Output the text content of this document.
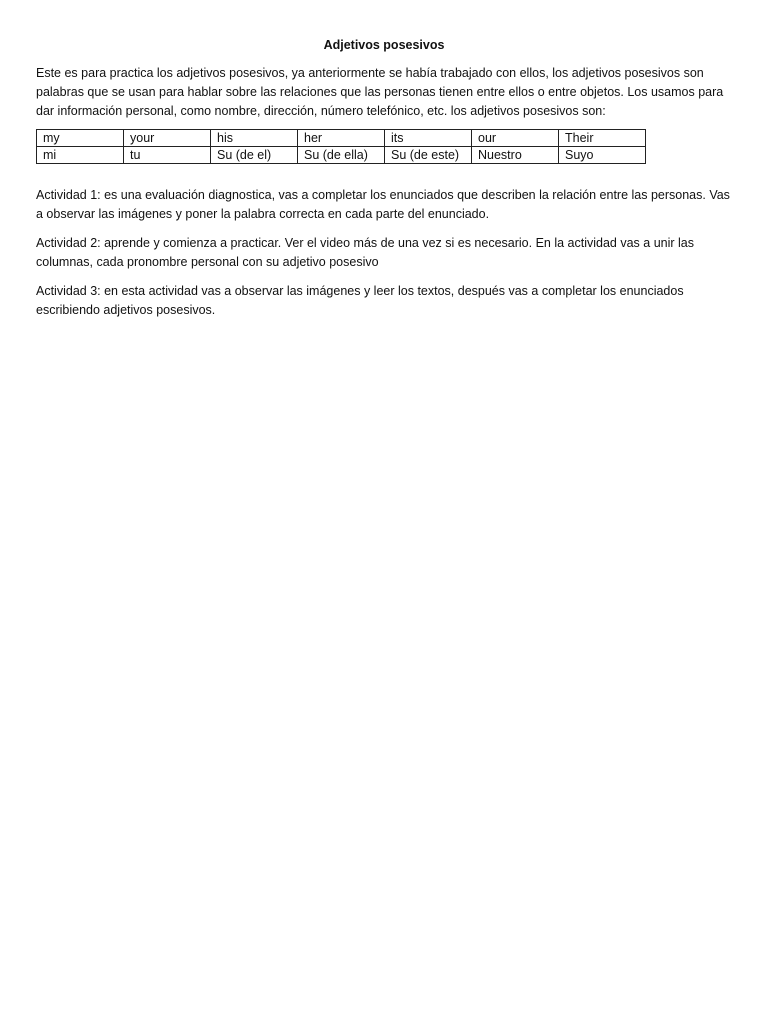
Adjetivos posesivos

Este es para practica los adjetivos posesivos, ya anteriormente se había trabajado con ellos, los adjetivos posesivos son palabras que se usan para hablar sobre las relaciones que las personas tienen entre ellos o entre objetos. Los usamos para dar información personal, como nombre, dirección, número telefónico, etc. los adjetivos posesivos son:

my	your	his	her	its	our	Their
mi	tu	Su (de el)	Su (de ella)	Su (de este)	Nuestro	Suyo

Actividad 1: es una evaluación diagnostica, vas a completar los enunciados que describen la relación entre las personas. Vas a observar las imágenes y poner la palabra correcta en cada parte del enunciado.

Actividad 2: aprende y comienza a practicar. Ver el video más de una vez si es necesario. En la actividad vas a unir las columnas, cada pronombre personal con su adjetivo posesivo

Actividad 3: en esta actividad vas a observar las imágenes y leer los textos, después vas a completar los enunciados escribiendo adjetivos posesivos.
